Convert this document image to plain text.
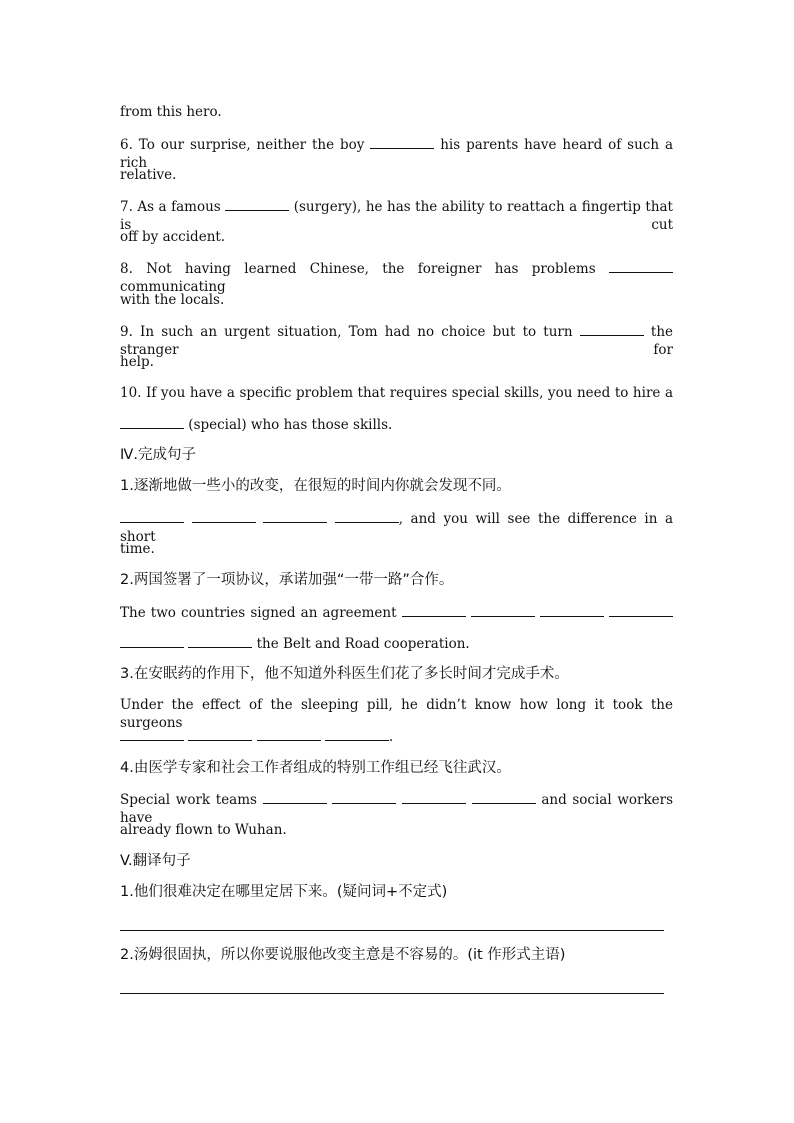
from this hero.
6. To our surprise, neither the boy	his parents have heard of such a rich
relative.
7. As a famous	(surgery), he has the ability to reattach a fingertip that is cut
off by accident.
8. Not having learned Chinese, the foreigner has problems  communicating
with the locals.
9. In such an urgent situation, Tom had no choice but to turn	the stranger for
help.
10. If you have a specific problem that requires special skills, you need to hire a
(special) who has those skills.
Ⅳ.完成句子
1.逐渐地做一些小的改变，在很短的时间内你就会发现不同。
, and you will see the difference in a short
time.
2.两国签署了一项协议，承诺加强“一带一路”合作。
The two countries signed an agreement
the Belt and Road cooperation.
3.在安眠药的作用下，他不知道外科医生们花了多长时间才完成手术。
Under the effect of the sleeping pill, he didn’t know how long it took the surgeons
.
4.由医学专家和社会工作者组成的特别工作组已经飞往武汉。
Special work teams	and social workers have
already flown to Wuhan.
V.翻译句子
1.他们很难决定在哪里定居下来。(疑问词+不定式)
2.汤姆很固执，所以你要说服他改变主意是不容易的。(it 作形式主语)
